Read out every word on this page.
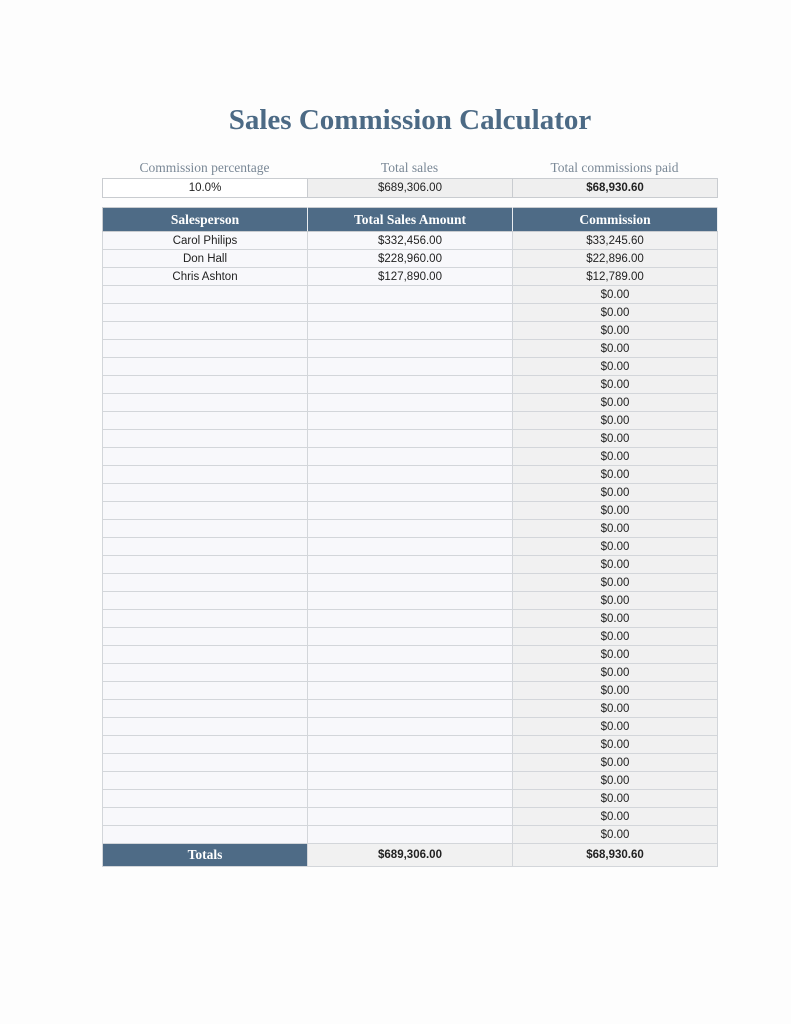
Sales Commission Calculator
Commission percentage	Total sales	Total commissions paid
10.0%	$689,306.00	$68,930.60
Salesperson	Total Sales Amount	Commission
Carol Philips	$332,456.00	$33,245.60
Don Hall	$228,960.00	$22,896.00
Chris Ashton	$127,890.00	$12,789.00
		$0.00
		$0.00
		$0.00
		$0.00
		$0.00
		$0.00
		$0.00
		$0.00
		$0.00
		$0.00
		$0.00
		$0.00
		$0.00
		$0.00
		$0.00
		$0.00
		$0.00
		$0.00
		$0.00
		$0.00
		$0.00
		$0.00
		$0.00
		$0.00
		$0.00
		$0.00
		$0.00
		$0.00
		$0.00
		$0.00
		$0.00
Totals	$689,306.00	$68,930.60
